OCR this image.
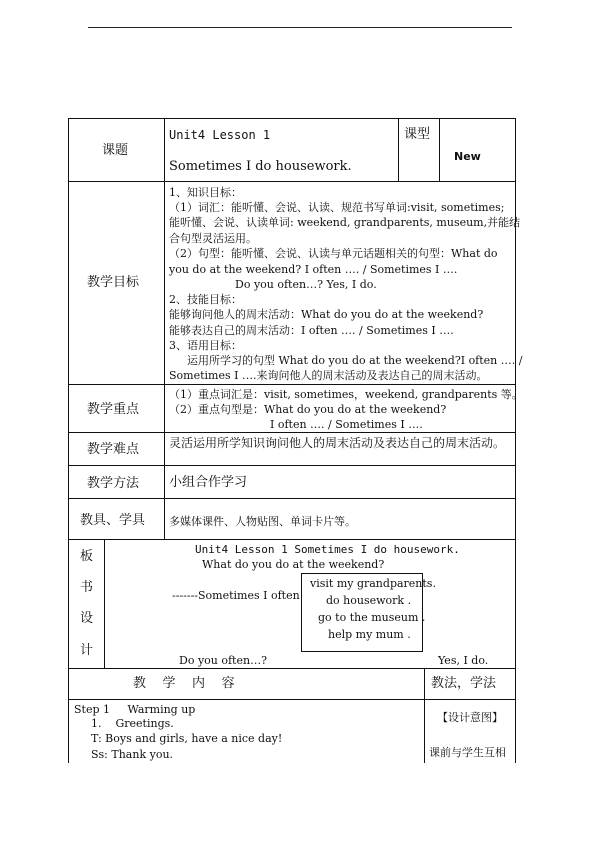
课题
Unit4 Lesson 1
Sometimes I do housework.
课型
New
教学目标
1、知识目标：
（1）词汇：能听懂、会说、认读、规范书写单词:visit, sometimes;
能听懂、会说、认读单词: weekend, grandparents, museum,并能结
合句型灵活运用。
（2）句型：能听懂、会说、认读与单元话题相关的句型：What do
you do at the weekend? I often …. / Sometimes I ….
Do you often…? Yes, I do.
2、技能目标：
能够询问他人的周末活动：What do you do at the weekend?
能够表达自己的周末活动：I often …. / Sometimes I ….
3、语用目标：
运用所学习的句型 What do you do at the weekend?I often …. /
Sometimes I ….来询问他人的周末活动及表达自己的周末活动。
教学重点
（1）重点词汇是：visit, sometimes，weekend, grandparents 等。
（2）重点句型是：What do you do at the weekend?
I often …. / Sometimes I ….
教学难点 灵活运用所学知识询问他人的周末活动及表达自己的周末活动。
教学方法 小组合作学习
教具、学具 多媒体课件、人物贴图、单词卡片等。
板
书
设
计
Unit4 Lesson 1 Sometimes I do housework.
What do you do at the weekend?
-------Sometimes I often
visit my grandparents.
do housework .
go to the museum .
help my mum .
Do you often…?	Yes, I do.
教    学    内    容	教法，学法
Step 1     Warming up
1.    Greetings.
T: Boys and girls, have a nice day!
Ss: Thank you.
【设计意图】
课前与学生互相
